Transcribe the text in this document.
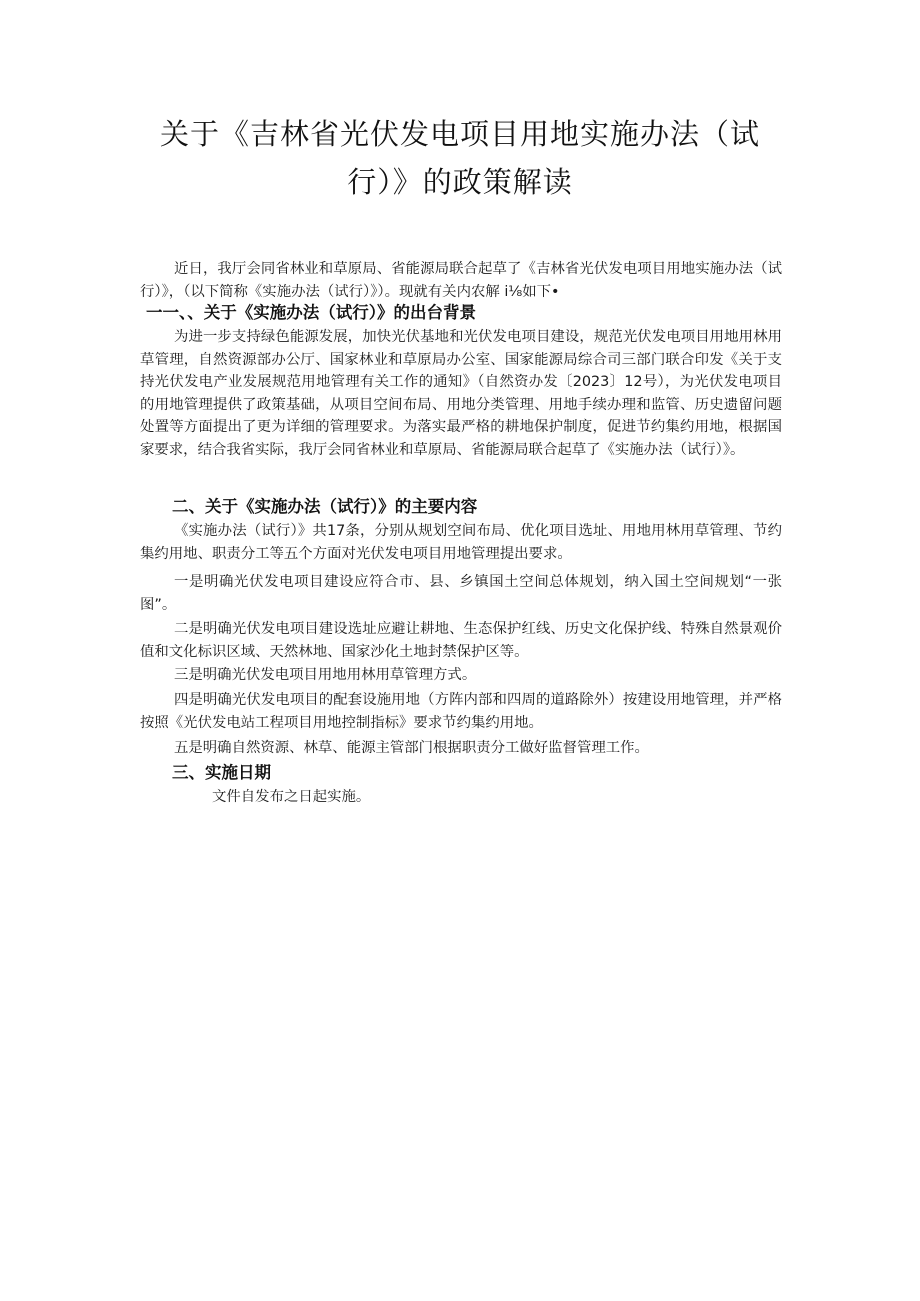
关于《吉林省光伏发电项目用地实施办法（试
行）》的政策解读

近日，我厅会同省林业和草原局、省能源局联合起草了《吉林省光伏发电项目用地实施办法（试行）》，（以下简称《实施办法（试行）》）。现就有关内农解 i⅛如下•

一一、、关于《实施办法（试行）》的出台背景

为进一步支持绿色能源发展，加快光伏基地和光伏发电项目建设，规范光伏发电项目用地用林用草管理，自然资源部办公厅、国家林业和草原局办公室、国家能源局综合司三部门联合印发《关于支持光伏发电产业发展规范用地管理有关工作的通知》（自然资办发〔2023〕12号），为光伏发电项目的用地管理提供了政策基础，从项目空间布局、用地分类管理、用地手续办理和监管、历史遗留问题处置等方面提出了更为详细的管理要求。为落实最严格的耕地保护制度，促进节约集约用地，根据国家要求，结合我省实际，我厅会同省林业和草原局、省能源局联合起草了《实施办法（试行）》。

二、关于《实施办法（试行）》的主要内容

《实施办法（试行）》共17条，分别从规划空间布局、优化项目选址、用地用林用草管理、节约集约用地、职责分工等五个方面对光伏发电项目用地管理提出要求。

一是明确光伏发电项目建设应符合市、县、乡镇国土空间总体规划，纳入国土空间规划“一张图”。

二是明确光伏发电项目建设选址应避让耕地、生态保护红线、历史文化保护线、特殊自然景观价值和文化标识区域、天然林地、国家沙化土地封禁保护区等。

三是明确光伏发电项目用地用林用草管理方式。

四是明确光伏发电项目的配套设施用地（方阵内部和四周的道路除外）按建设用地管理，并严格按照《光伏发电站工程项目用地控制指标》要求节约集约用地。

五是明确自然资源、林草、能源主管部门根据职责分工做好监督管理工作。

三、实施日期

文件自发布之日起实施。
